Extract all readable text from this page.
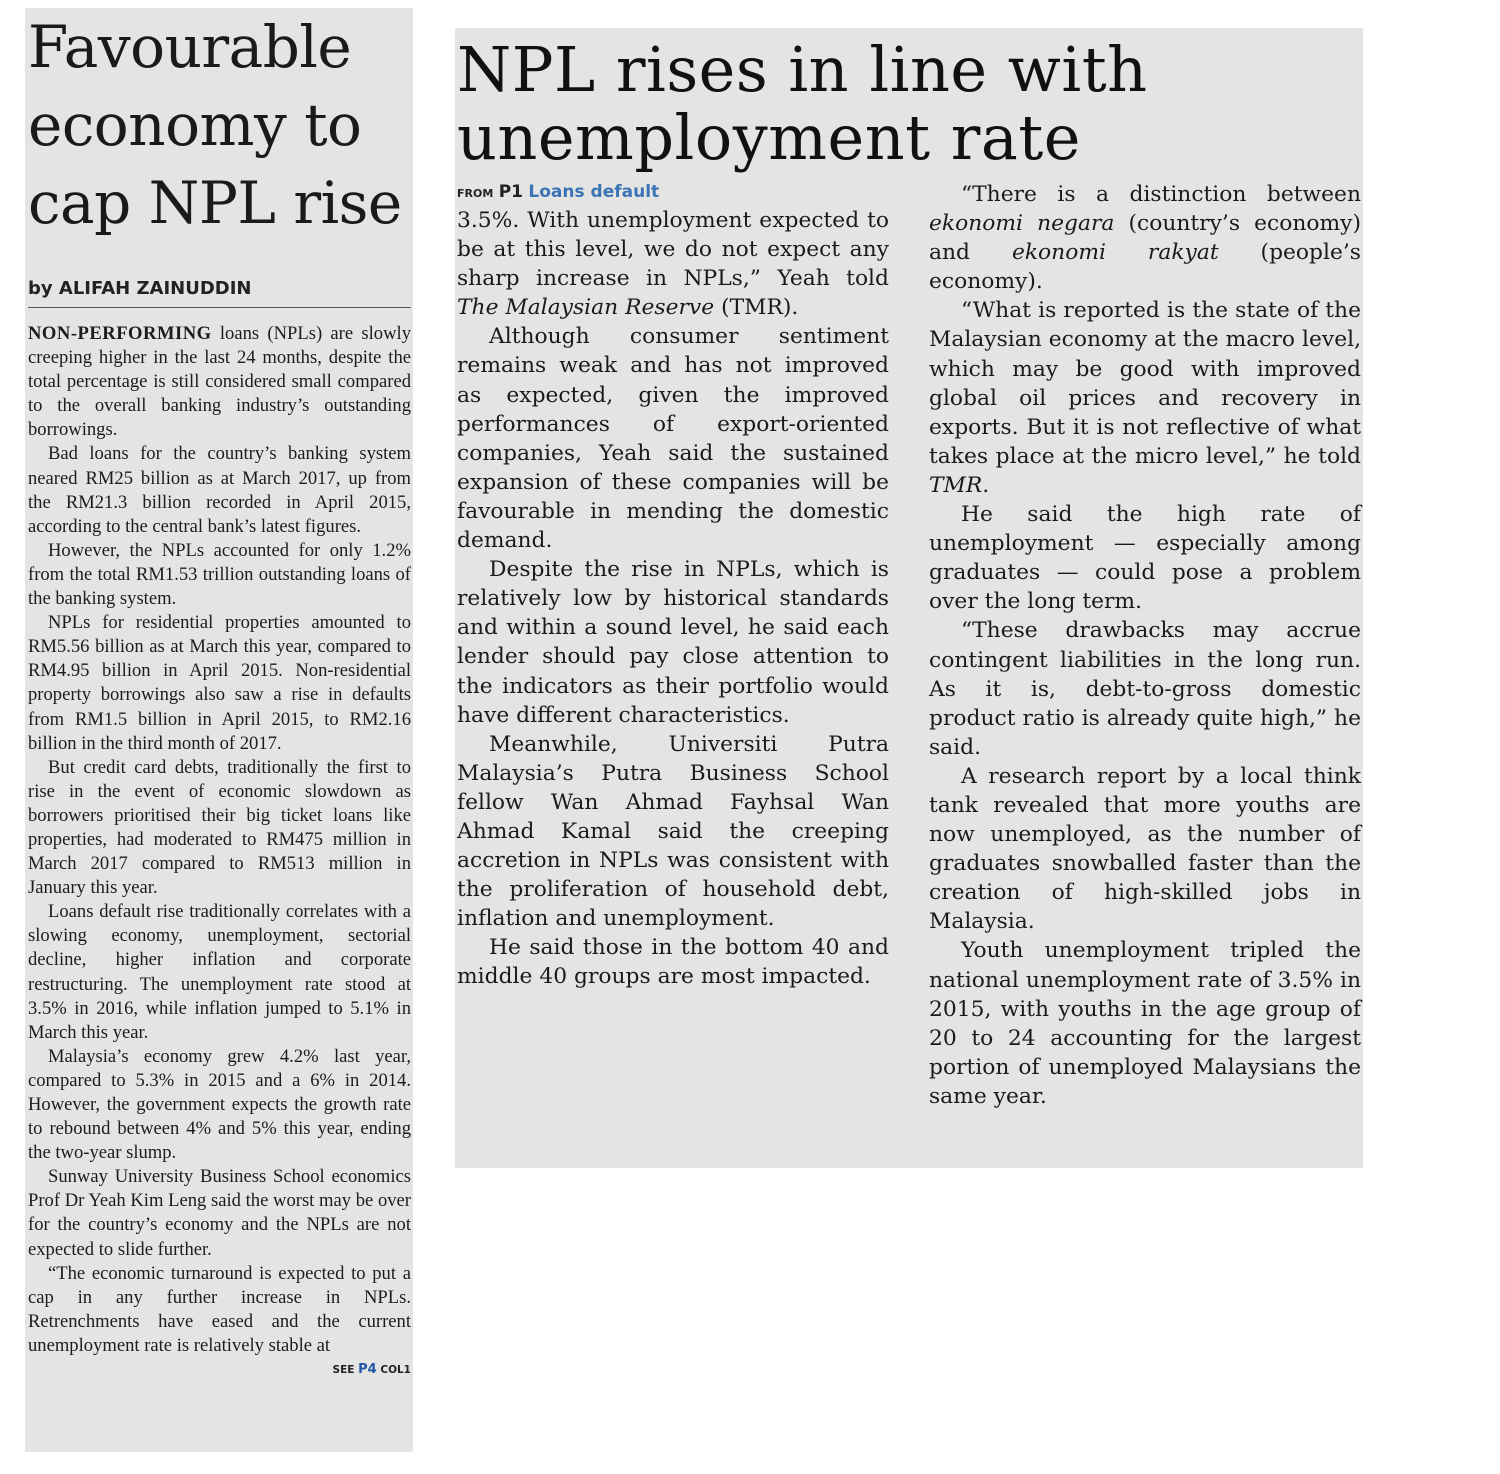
Favourable economy to cap NPL rise
by ALIFAH ZAINUDDIN

NON-PERFORMING loans (NPLs) are slowly creeping higher in the last 24 months, despite the total percentage is still considered small compared to the overall banking industry’s outstanding borrowings.

Bad loans for the country’s banking system neared RM25 billion as at March 2017, up from the RM21.3 billion recorded in April 2015, according to the central bank’s latest figures.

However, the NPLs accounted for only 1.2% from the total RM1.53 trillion outstanding loans of the banking system.

NPLs for residential properties amounted to RM5.56 billion as at March this year, compared to RM4.95 billion in April 2015. Non-residential property borrowings also saw a rise in defaults from RM1.5 billion in April 2015, to RM2.16 billion in the third month of 2017.

But credit card debts, traditionally the first to rise in the event of economic slowdown as borrowers prioritised their big ticket loans like properties, had moderated to RM475 million in March 2017 compared to RM513 million in January this year.

Loans default rise traditionally correlates with a slowing economy, unemployment, sectorial decline, higher inflation and corporate restructuring. The unemployment rate stood at 3.5% in 2016, while inflation jumped to 5.1% in March this year.

Malaysia’s economy grew 4.2% last year, compared to 5.3% in 2015 and a 6% in 2014. However, the government expects the growth rate to rebound between 4% and 5% this year, ending the two-year slump.

Sunway University Business School economics Prof Dr Yeah Kim Leng said the worst may be over for the country’s economy and the NPLs are not expected to slide further.

“The economic turnaround is expected to put a cap in any further increase in NPLs. Retrenchments have eased and the current unemployment rate is relatively stable at

SEE P4 COL1
NPL rises in line with unemployment rate
FROM P1 Loans default

3.5%. With unemployment expected to be at this level, we do not expect any sharp increase in NPLs,” Yeah told The Malaysian Reserve (TMR).

Although consumer sentiment remains weak and has not improved as expected, given the improved performances of export-oriented companies, Yeah said the sustained expansion of these companies will be favourable in mending the domestic demand.

Despite the rise in NPLs, which is relatively low by historical standards and within a sound level, he said each lender should pay close attention to the indicators as their portfolio would have different characteristics.

Meanwhile, Universiti Putra Malaysia’s Putra Business School fellow Wan Ahmad Fayhsal Wan Ahmad Kamal said the creeping accretion in NPLs was consistent with the proliferation of household debt, inflation and unemployment.

He said those in the bottom 40 and middle 40 groups are most impacted.

“There is a distinction between ekonomi negara (country’s economy) and ekonomi rakyat (people’s economy).

“What is reported is the state of the Malaysian economy at the macro level, which may be good with improved global oil prices and recovery in exports. But it is not reflective of what takes place at the micro level,” he told TMR.

He said the high rate of unemployment — especially among graduates — could pose a problem over the long term.

“These drawbacks may accrue contingent liabilities in the long run. As it is, debt-to-gross domestic product ratio is already quite high,” he said.

A research report by a local think tank revealed that more youths are now unemployed, as the number of graduates snowballed faster than the creation of high-skilled jobs in Malaysia.

Youth unemployment tripled the national unemployment rate of 3.5% in 2015, with youths in the age group of 20 to 24 accounting for the largest portion of unemployed Malaysians the same year.
